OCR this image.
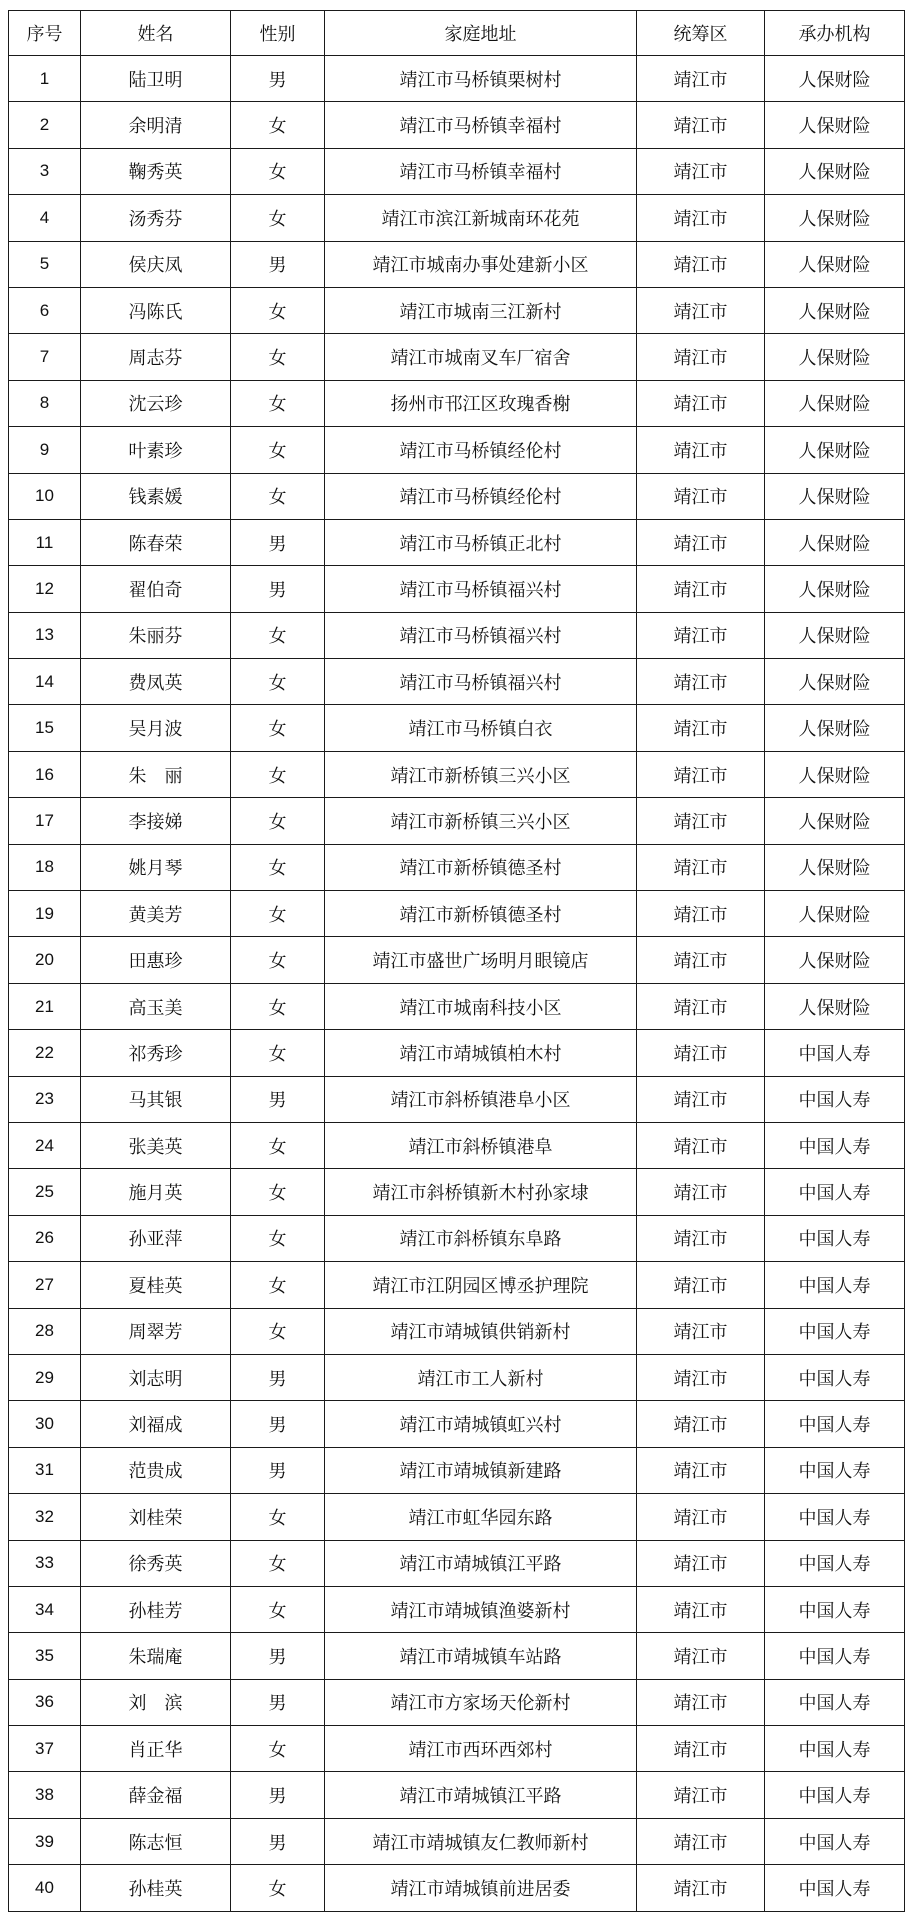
序号	姓名	性别	家庭地址	统筹区	承办机构
1	陆卫明	男	靖江市马桥镇栗树村	靖江市	人保财险
2	余明清	女	靖江市马桥镇幸福村	靖江市	人保财险
3	鞠秀英	女	靖江市马桥镇幸福村	靖江市	人保财险
4	汤秀芬	女	靖江市滨江新城南环花苑	靖江市	人保财险
5	侯庆凤	男	靖江市城南办事处建新小区	靖江市	人保财险
6	冯陈氏	女	靖江市城南三江新村	靖江市	人保财险
7	周志芬	女	靖江市城南叉车厂宿舍	靖江市	人保财险
8	沈云珍	女	扬州市邗江区玫瑰香榭	靖江市	人保财险
9	叶素珍	女	靖江市马桥镇经伦村	靖江市	人保财险
10	钱素媛	女	靖江市马桥镇经伦村	靖江市	人保财险
11	陈春荣	男	靖江市马桥镇正北村	靖江市	人保财险
12	翟伯奇	男	靖江市马桥镇福兴村	靖江市	人保财险
13	朱丽芬	女	靖江市马桥镇福兴村	靖江市	人保财险
14	费凤英	女	靖江市马桥镇福兴村	靖江市	人保财险
15	吴月波	女	靖江市马桥镇白衣	靖江市	人保财险
16	朱　丽	女	靖江市新桥镇三兴小区	靖江市	人保财险
17	李接娣	女	靖江市新桥镇三兴小区	靖江市	人保财险
18	姚月琴	女	靖江市新桥镇德圣村	靖江市	人保财险
19	黄美芳	女	靖江市新桥镇德圣村	靖江市	人保财险
20	田惠珍	女	靖江市盛世广场明月眼镜店	靖江市	人保财险
21	高玉美	女	靖江市城南科技小区	靖江市	人保财险
22	祁秀珍	女	靖江市靖城镇柏木村	靖江市	中国人寿
23	马其银	男	靖江市斜桥镇港阜小区	靖江市	中国人寿
24	张美英	女	靖江市斜桥镇港阜	靖江市	中国人寿
25	施月英	女	靖江市斜桥镇新木村孙家埭	靖江市	中国人寿
26	孙亚萍	女	靖江市斜桥镇东阜路	靖江市	中国人寿
27	夏桂英	女	靖江市江阴园区博丞护理院	靖江市	中国人寿
28	周翠芳	女	靖江市靖城镇供销新村	靖江市	中国人寿
29	刘志明	男	靖江市工人新村	靖江市	中国人寿
30	刘福成	男	靖江市靖城镇虹兴村	靖江市	中国人寿
31	范贵成	男	靖江市靖城镇新建路	靖江市	中国人寿
32	刘桂荣	女	靖江市虹华园东路	靖江市	中国人寿
33	徐秀英	女	靖江市靖城镇江平路	靖江市	中国人寿
34	孙桂芳	女	靖江市靖城镇渔婆新村	靖江市	中国人寿
35	朱瑞庵	男	靖江市靖城镇车站路	靖江市	中国人寿
36	刘　滨	男	靖江市方家场天伦新村	靖江市	中国人寿
37	肖正华	女	靖江市西环西郊村	靖江市	中国人寿
38	薛金福	男	靖江市靖城镇江平路	靖江市	中国人寿
39	陈志恒	男	靖江市靖城镇友仁教师新村	靖江市	中国人寿
40	孙桂英	女	靖江市靖城镇前进居委	靖江市	中国人寿
